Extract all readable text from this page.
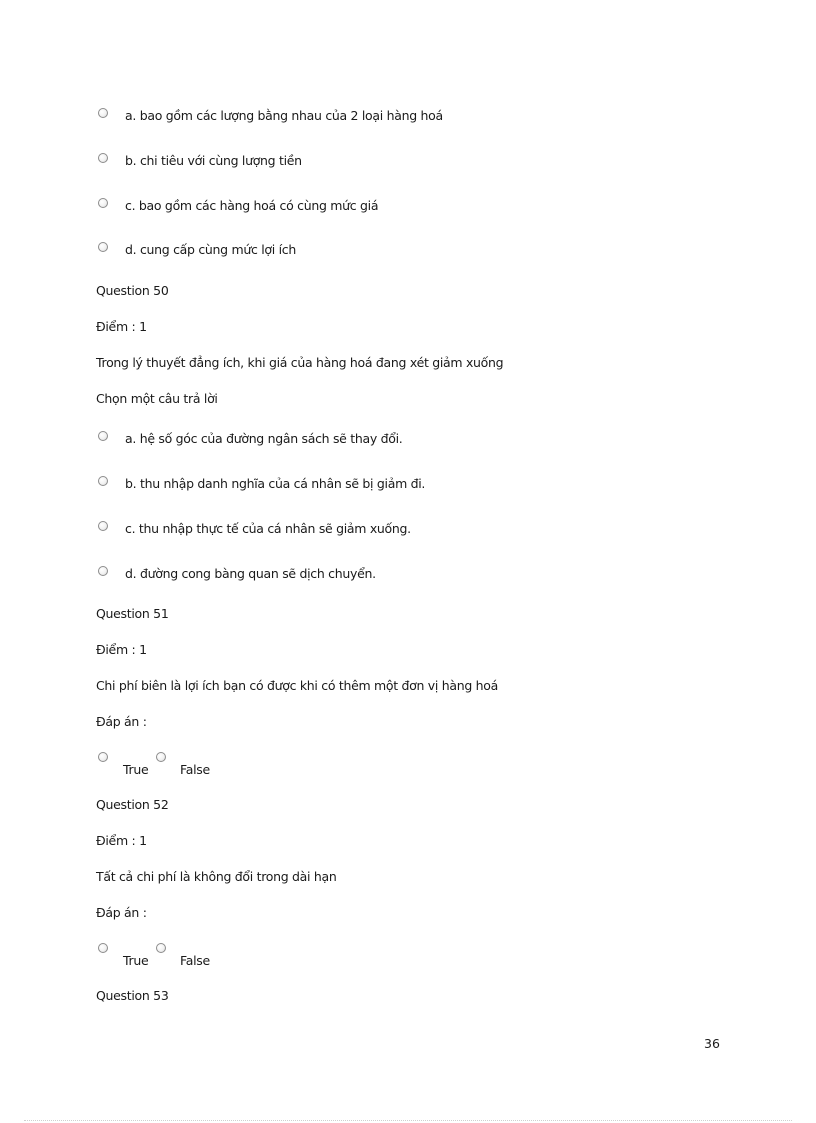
a. bao gồm các lượng bằng nhau của 2 loại hàng hoá
b. chi tiêu với cùng lượng tiền
c. bao gồm các hàng hoá có cùng mức giá
d. cung cấp cùng mức lợi ích
Question 50
Điểm : 1
Trong lý thuyết đẳng ích, khi giá của hàng hoá đang xét giảm xuống
Chọn một câu trả lời
a. hệ số góc của đường ngân sách sẽ thay đổi.
b. thu nhập danh nghĩa của cá nhân sẽ bị giảm đi.
c. thu nhập thực tế của cá nhân sẽ giảm xuống.
d. đường cong bàng quan sẽ dịch chuyển.
Question 51
Điểm : 1
Chi phí biên là lợi ích bạn có được khi có thêm một đơn vị hàng hoá
Đáp án :
True	False
Question 52
Điểm : 1
Tất cả chi phí là không đổi trong dài hạn
Đáp án :
True	False
Question 53
36
